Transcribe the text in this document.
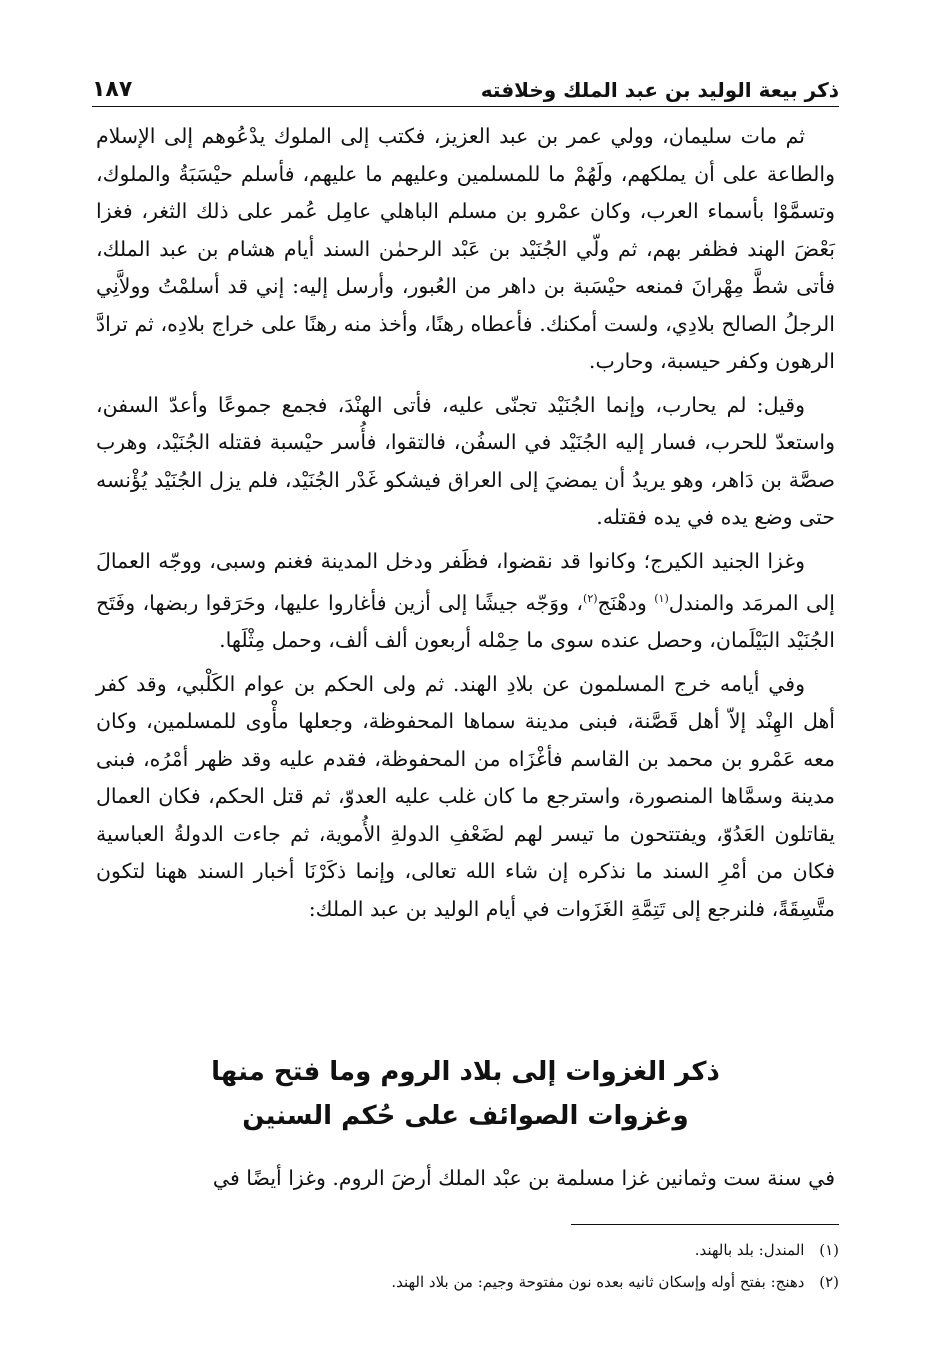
ذكر بيعة الوليد بن عبد الملك وخلافته
١٨٧

ثم مات سليمان، وولي عمر بن عبد العزيز، فكتب إلى الملوك يدْعُوهم إلى الإسلام والطاعة على أن يملكهم، ولَهُمْ ما للمسلمين وعليهم ما عليهم، فأسلم حيْسَبَةُ والملوك، وتسمَّوْا بأسماء العرب، وكان عمْرو بن مسلم الباهلي عامِل عُمر على ذلك الثغر، فغزا بَعْضَ الهند فظفر بهم، ثم ولّي الجُنَيْد بن عَبْد الرحمٰن السند أيام هشام بن عبد الملك، فأتى شطَّ مِهْرانَ فمنعه حيْسَبة بن داهر من العُبور، وأرسل إليه: إني قد أسلمْتُ وولاَّنِي الرجلُ الصالح بلادِي، ولست أمكنك. فأعطاه رهنًا، وأخذ منه رهنًا على خراج بلادِه، ثم ترادَّ الرهون وكفر حيسبة، وحارب.

وقيل: لم يحارب، وإنما الجُنَيْد تجنّى عليه، فأتى الهنْدَ، فجمع جموعًا وأعدّ السفن، واستعدّ للحرب، فسار إليه الجُنَيْد في السفُن، فالتقوا، فأُسر حيْسبة فقتله الجُنَيْد، وهرب صصَّة بن دَاهر، وهو يريدُ أن يمضيَ إلى العراق فيشكو غَدْر الجُنَيْد، فلم يزل الجُنَيْد يُؤْنسه حتى وضع يده في يده فقتله.

وغزا الجنيد الكيرج؛ وكانوا قد نقضوا، فظَفر ودخل المدينة فغنم وسبى، ووجّه العمالَ إلى المرمَد والمندل$^{(١)}$ ودهْنَج$^{(٢)}$، ووَجّه جيشًا إلى أزين فأغاروا عليها، وحَرَقوا ربضها، وفَتَح الجُنَيْد البَيْلَمان، وحصل عنده سوى ما حِمْله أربعون ألف ألف، وحمل مِثْلَها.

وفي أيامه خرج المسلمون عن بلادِ الهند. ثم ولى الحكم بن عوام الكَلْبي، وقد كفر أهل الهِنْد إلاّ أهل قَصَّنة، فبنى مدينة سماها المحفوظة، وجعلها مأْوى للمسلمين، وكان معه عَمْرو بن محمد بن القاسم فأغْزَاه من المحفوظة، فقدم عليه وقد ظهر أمْرُه، فبنى مدينة وسمَّاها المنصورة، واسترجع ما كان غلب عليه العدوّ، ثم قتل الحكم، فكان العمال يقاتلون العَدُوّ، ويفتتحون ما تيسر لهم لضَعْفِ الدولةِ الأُموية، ثم جاءت الدولةُ العباسية فكان من أمْرِ السند ما نذكره إن شاء الله تعالى، وإنما ذكَرْنَا أخبار السند ههنا لتكون متَّسِقَةً، فلنرجع إلى تَتِمَّةِ الغَزَوات في أيام الوليد بن عبد الملك:

ذكر الغزوات إلى بلاد الروم وما فتح منها
وغزوات الصوائف على حُكم السنين
في سنة ست وثمانين غزا مسلمة بن عبْد الملك أرضَ الروم. وغزا أيضًا في
(١) المندل: بلد بالهند.
(٢) دهنج: بفتح أوله وإسكان ثانيه بعده نون مفتوحة وجيم: من بلاد الهند.
